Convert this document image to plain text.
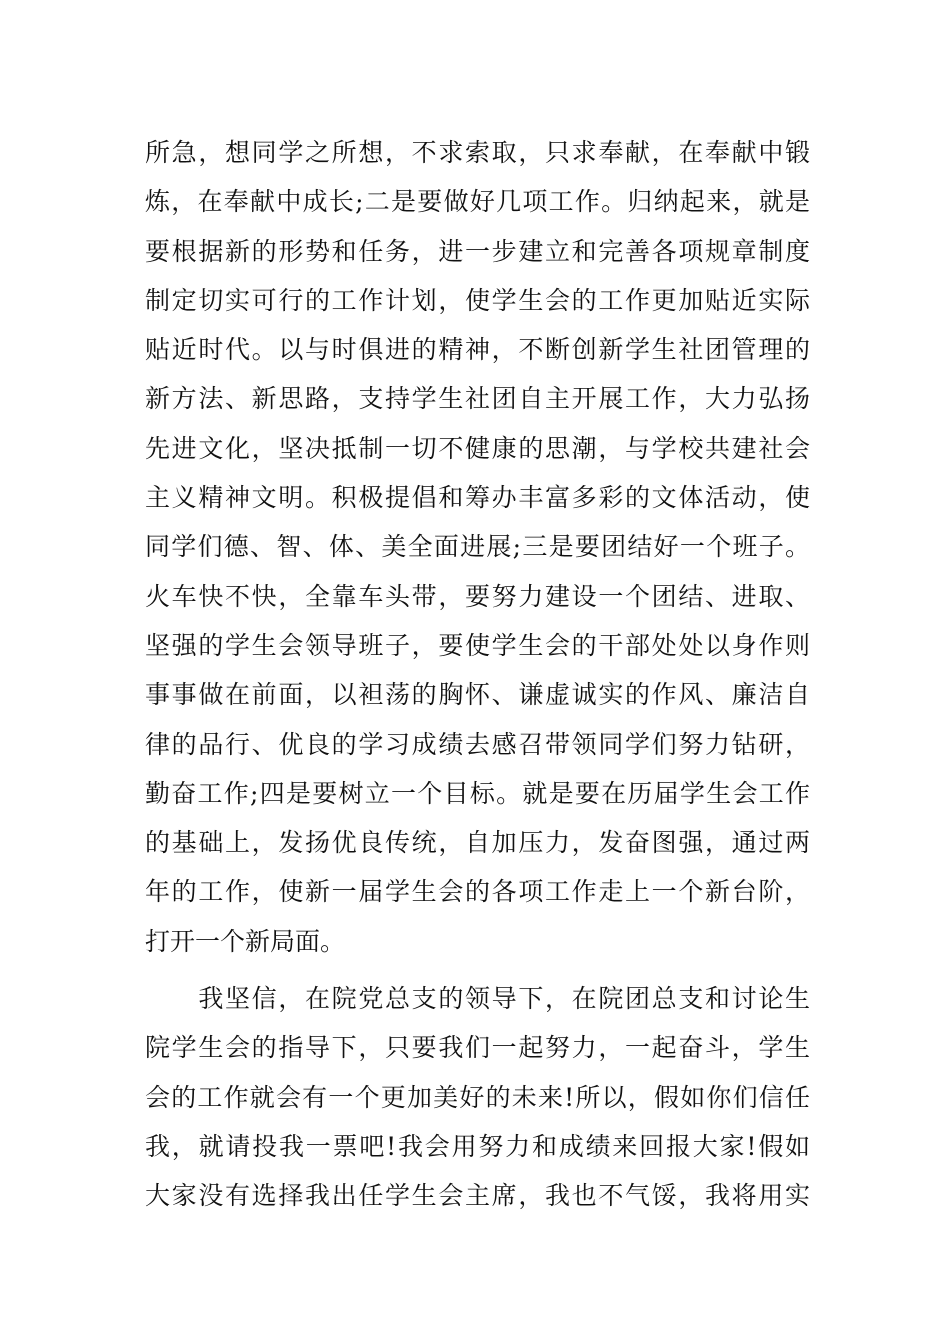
所急，想同学之所想，不求索取，只求奉献，在奉献中锻
炼，在奉献中成长;二是要做好几项工作。归纳起来，就是
要根据新的形势和任务，进一步建立和完善各项规章制度
制定切实可行的工作计划，使学生会的工作更加贴近实际
贴近时代。以与时俱进的精神，不断创新学生社团管理的
新方法、新思路，支持学生社团自主开展工作，大力弘扬
先进文化，坚决抵制一切不健康的思潮，与学校共建社会
主义精神文明。积极提倡和筹办丰富多彩的文体活动，使
同学们德、智、体、美全面进展;三是要团结好一个班子。
火车快不快，全靠车头带，要努力建设一个团结、进取、
坚强的学生会领导班子，要使学生会的干部处处以身作则
事事做在前面，以袒荡的胸怀、谦虚诚实的作风、廉洁自
律的品行、优良的学习成绩去感召带领同学们努力钻研，
勤奋工作;四是要树立一个目标。就是要在历届学生会工作
的基础上，发扬优良传统，自加压力，发奋图强，通过两
年的工作，使新一届学生会的各项工作走上一个新台阶，
打开一个新局面。
　　我坚信，在院党总支的领导下，在院团总支和讨论生
院学生会的指导下，只要我们一起努力，一起奋斗，学生
会的工作就会有一个更加美好的未来!所以，假如你们信任
我，就请投我一票吧!我会用努力和成绩来回报大家!假如
大家没有选择我出任学生会主席，我也不气馁，我将用实
